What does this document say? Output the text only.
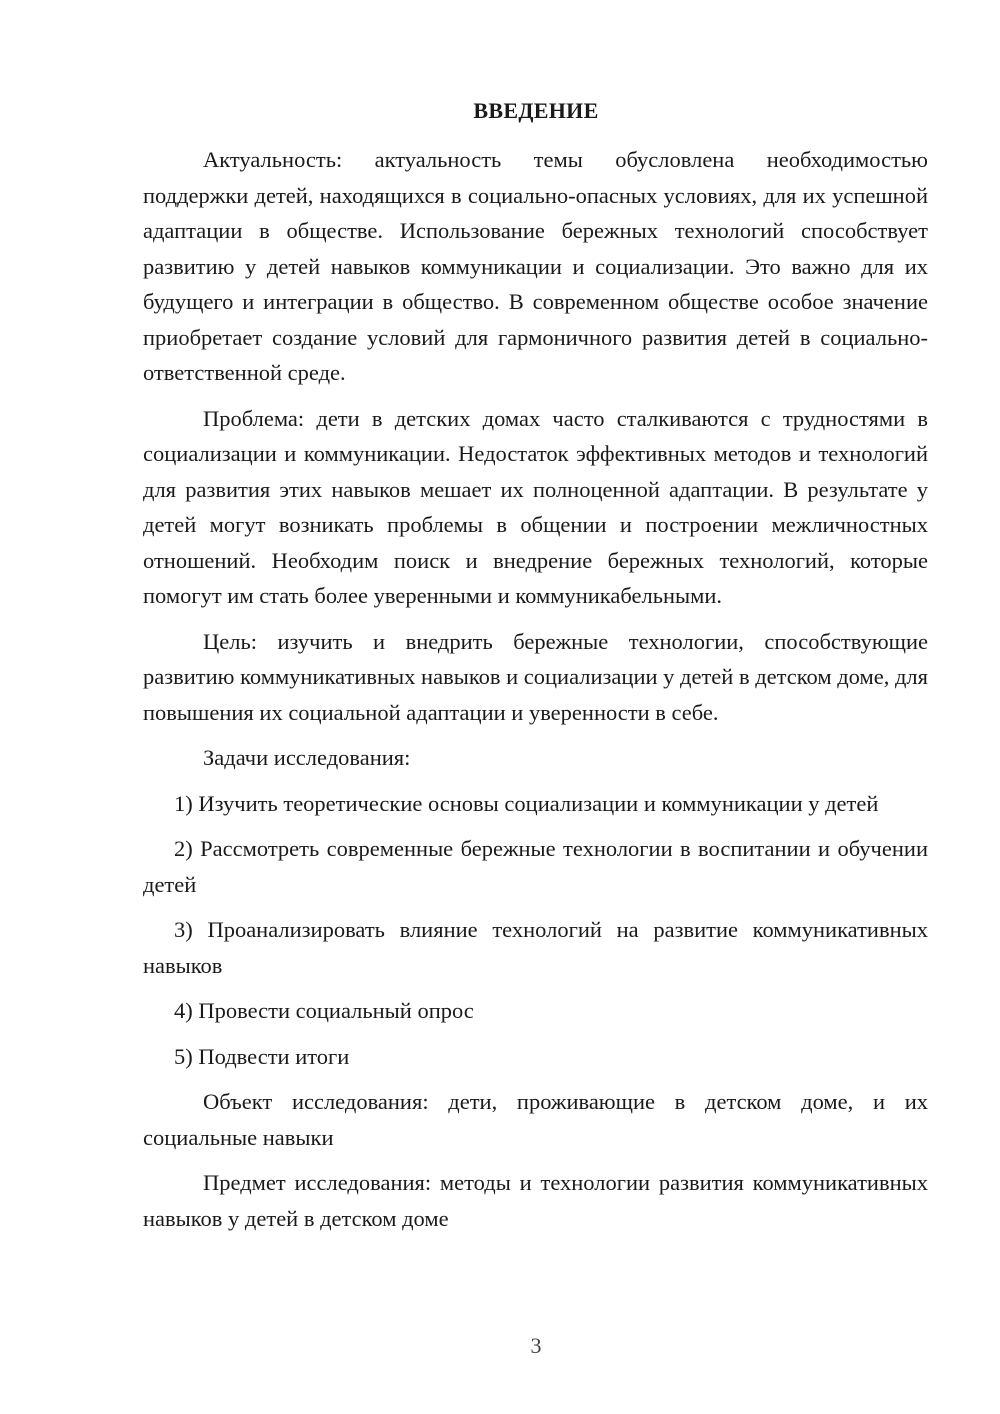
ВВЕДЕНИЕ

Актуальность: актуальность темы обусловлена необходимостью поддержки детей, находящихся в социально-опасных условиях, для их успешной адаптации в обществе. Использование бережных технологий способствует развитию у детей навыков коммуникации и социализации. Это важно для их будущего и интеграции в общество. В современном обществе особое значение приобретает создание условий для гармоничного развития детей в социально-ответственной среде.

Проблема: дети в детских домах часто сталкиваются с трудностями в социализации и коммуникации. Недостаток эффективных методов и технологий для развития этих навыков мешает их полноценной адаптации. В результате у детей могут возникать проблемы в общении и построении межличностных отношений. Необходим поиск и внедрение бережных технологий, которые помогут им стать более уверенными и коммуникабельными.

Цель: изучить и внедрить бережные технологии, способствующие развитию коммуникативных навыков и социализации у детей в детском доме, для повышения их социальной адаптации и уверенности в себе.

Задачи исследования:

1) Изучить теоретические основы социализации и коммуникации у детей

2) Рассмотреть современные бережные технологии в воспитании и обучении детей

3) Проанализировать влияние технологий на развитие коммуникативных навыков

4) Провести социальный опрос

5) Подвести итоги

Объект исследования: дети, проживающие в детском доме, и их социальные навыки

Предмет исследования: методы и технологии развития коммуникативных навыков у детей в детском доме

3
